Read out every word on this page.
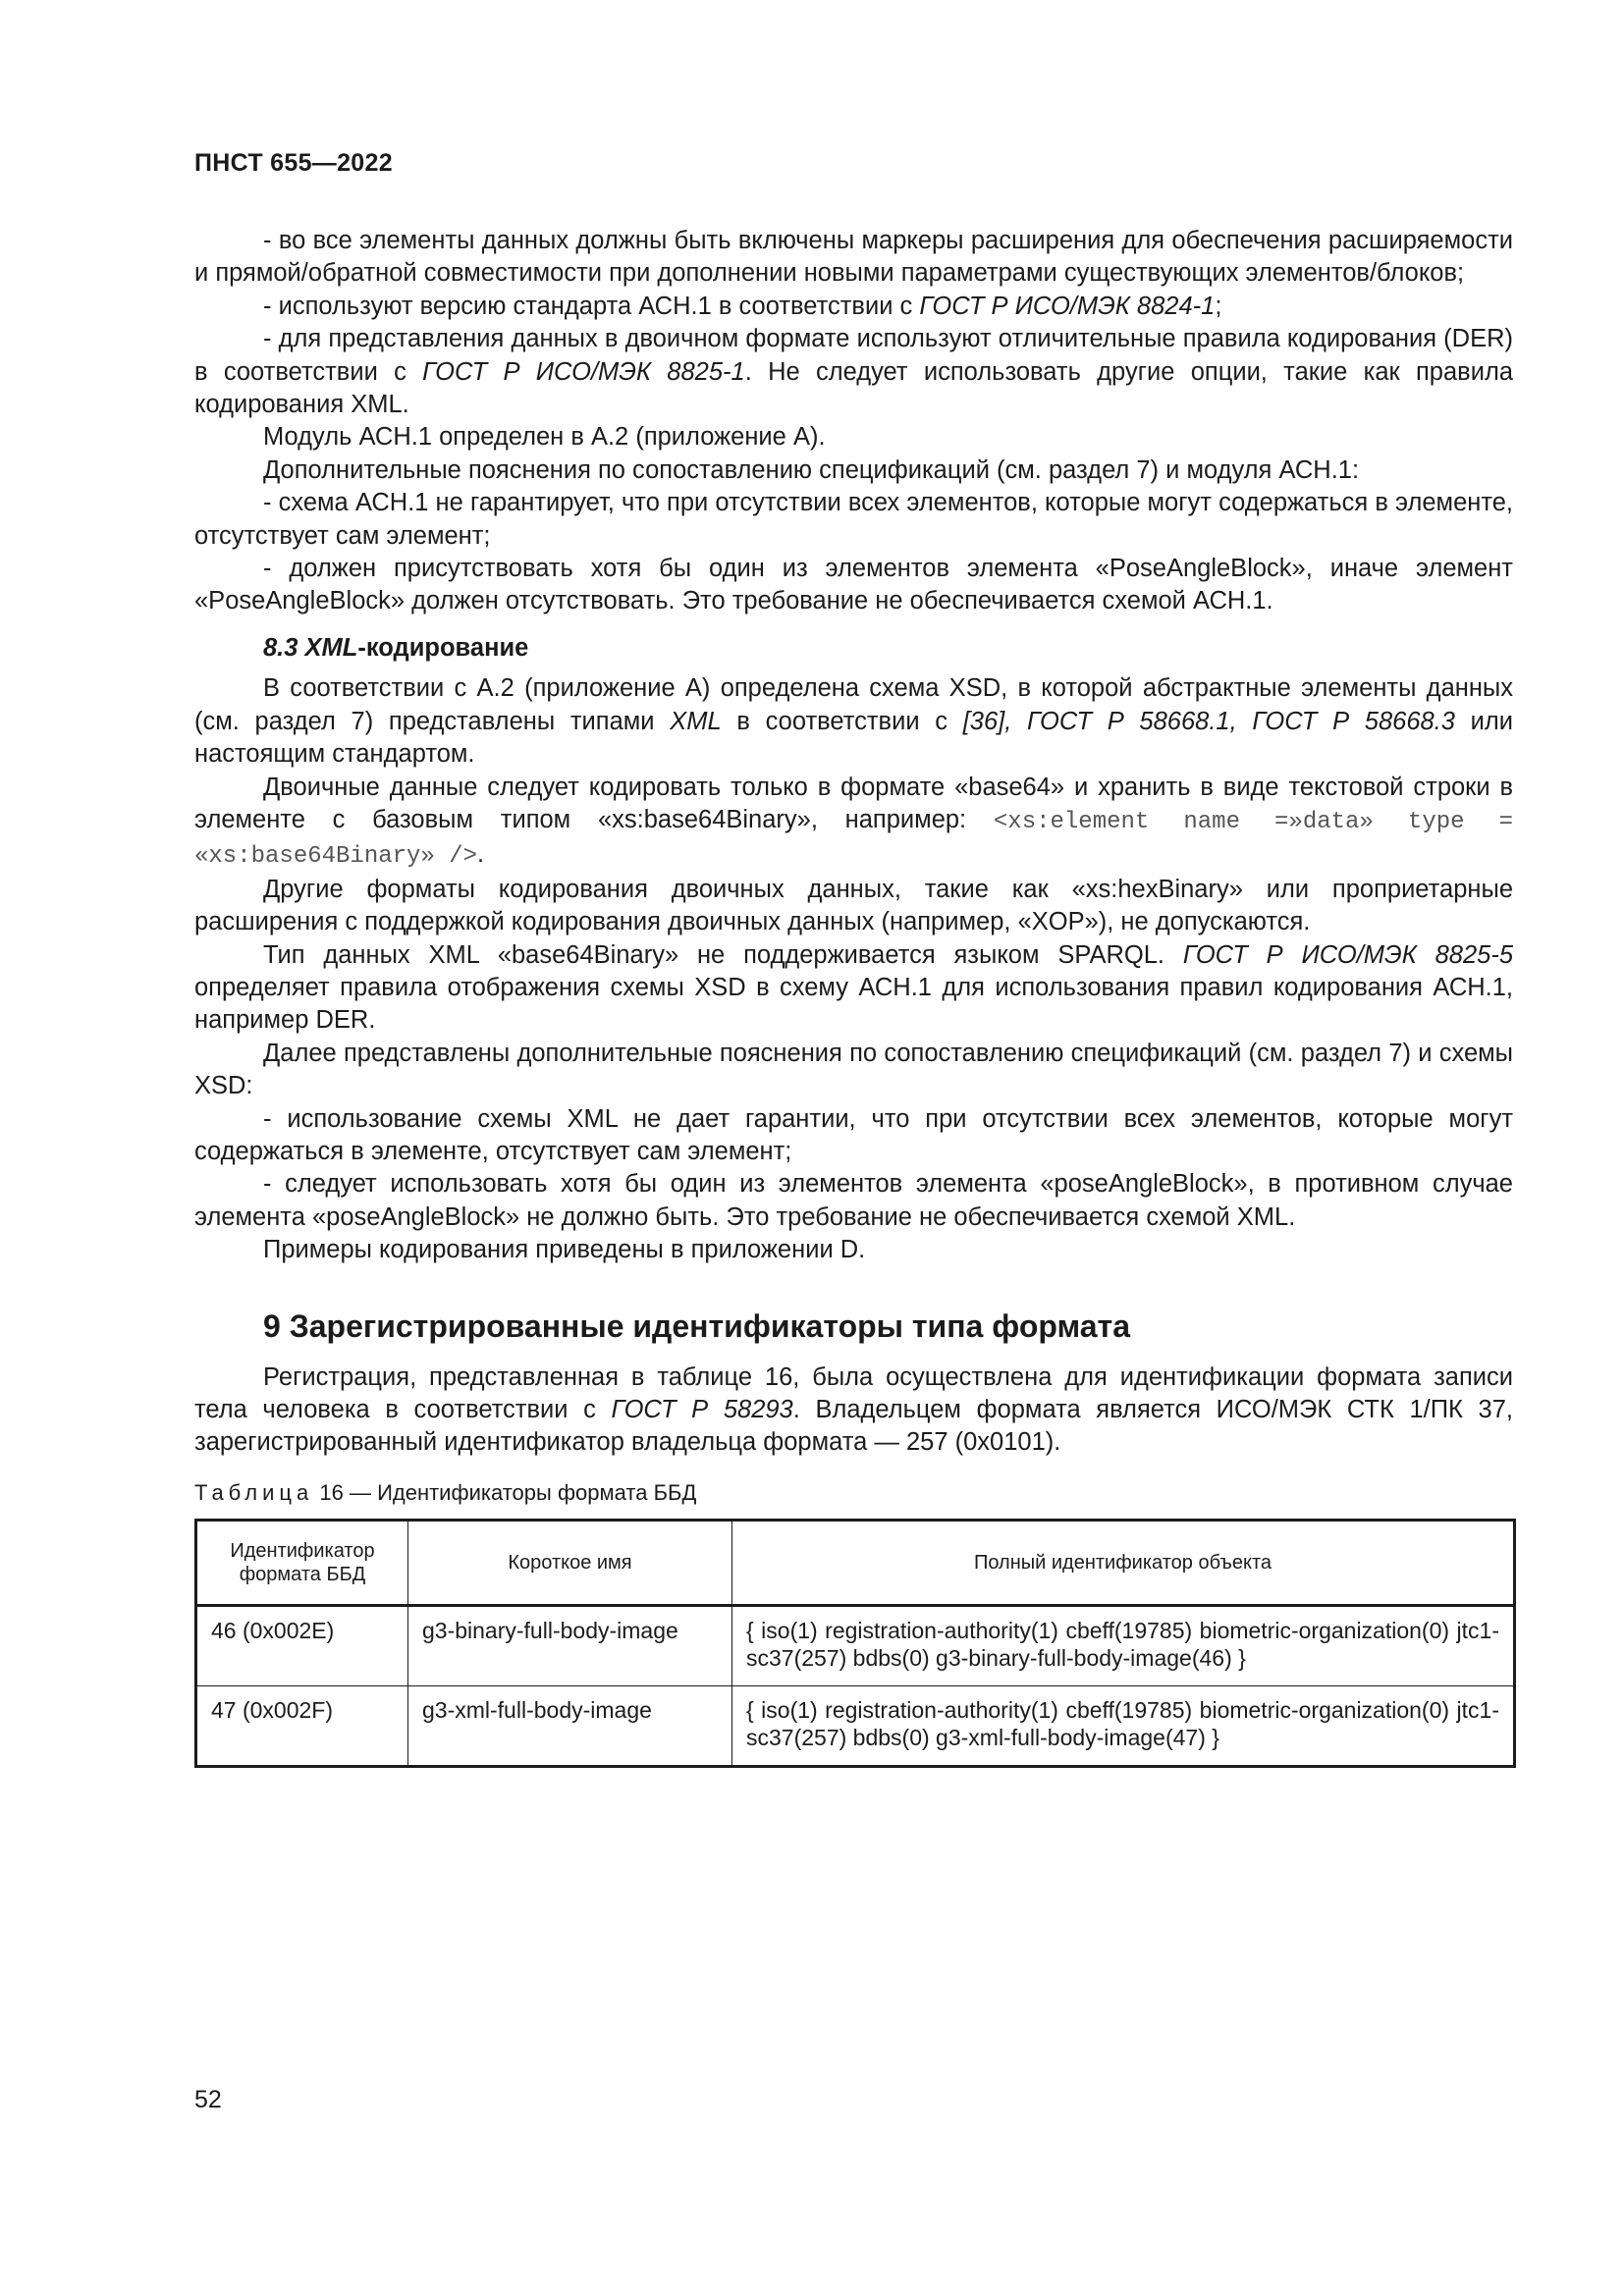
ПНСТ 655—2022

- во все элементы данных должны быть включены маркеры расширения для обеспечения расширяемости и прямой/обратной совместимости при дополнении новыми параметрами существующих элементов/блоков;

- используют версию стандарта АСН.1 в соответствии с ГОСТ Р ИСО/МЭК 8824-1;

- для представления данных в двоичном формате используют отличительные правила кодирования (DER) в соответствии с ГОСТ Р ИСО/МЭК 8825-1. Не следует использовать другие опции, такие как правила кодирования XML.

Модуль АСН.1 определен в А.2 (приложение А).

Дополнительные пояснения по сопоставлению спецификаций (см. раздел 7) и модуля АСН.1:

- схема АСН.1 не гарантирует, что при отсутствии всех элементов, которые могут содержаться в элементе, отсутствует сам элемент;

- должен присутствовать хотя бы один из элементов элемента «PoseAngleBlock», иначе элемент «PoseAngleBlock» должен отсутствовать. Это требование не обеспечивается схемой АСН.1.

8.3 XML-кодирование

В соответствии с А.2 (приложение А) определена схема XSD, в которой абстрактные элементы данных (см. раздел 7) представлены типами XML в соответствии с [36], ГОСТ Р 58668.1, ГОСТ Р 58668.3 или настоящим стандартом.

Двоичные данные следует кодировать только в формате «base64» и хранить в виде текстовой строки в элементе с базовым типом «xs:base64Binary», например: <xs:element name =»data» type = «xs:base64Binary» />.

Другие форматы кодирования двоичных данных, такие как «xs:hexBinary» или проприетарные расширения с поддержкой кодирования двоичных данных (например, «XOP»), не допускаются.

Тип данных XML «base64Binary» не поддерживается языком SPARQL. ГОСТ Р ИСО/МЭК 8825-5 определяет правила отображения схемы XSD в схему АСН.1 для использования правил кодирования АСН.1, например DER.

Далее представлены дополнительные пояснения по сопоставлению спецификаций (см. раздел 7) и схемы XSD:

- использование схемы XML не дает гарантии, что при отсутствии всех элементов, которые могут содержаться в элементе, отсутствует сам элемент;

- следует использовать хотя бы один из элементов элемента «poseAngleBlock», в противном случае элемента «poseAngleBlock» не должно быть. Это требование не обеспечивается схемой XML.

Примеры кодирования приведены в приложении D.

9 Зарегистрированные идентификаторы типа формата

Регистрация, представленная в таблице 16, была осуществлена для идентификации формата записи тела человека в соответствии с ГОСТ Р 58293. Владельцем формата является ИСО/МЭК СТК 1/ПК 37, зарегистрированный идентификатор владельца формата — 257 (0x0101).

Таблица 16 — Идентификаторы формата ББД
Идентификатор формата ББД	Короткое имя	Полный идентификатор объекта
46 (0x002E)	g3-binary-full-body-image	{ iso(1) registration-authority(1) cbeff(19785) biometric-organization(0) jtc1-sc37(257) bdbs(0) g3-binary-full-body-image(46) }
47 (0x002F)	g3-xml-full-body-image	{ iso(1) registration-authority(1) cbeff(19785) biometric-organization(0) jtc1-sc37(257) bdbs(0) g3-xml-full-body-image(47) }
52
